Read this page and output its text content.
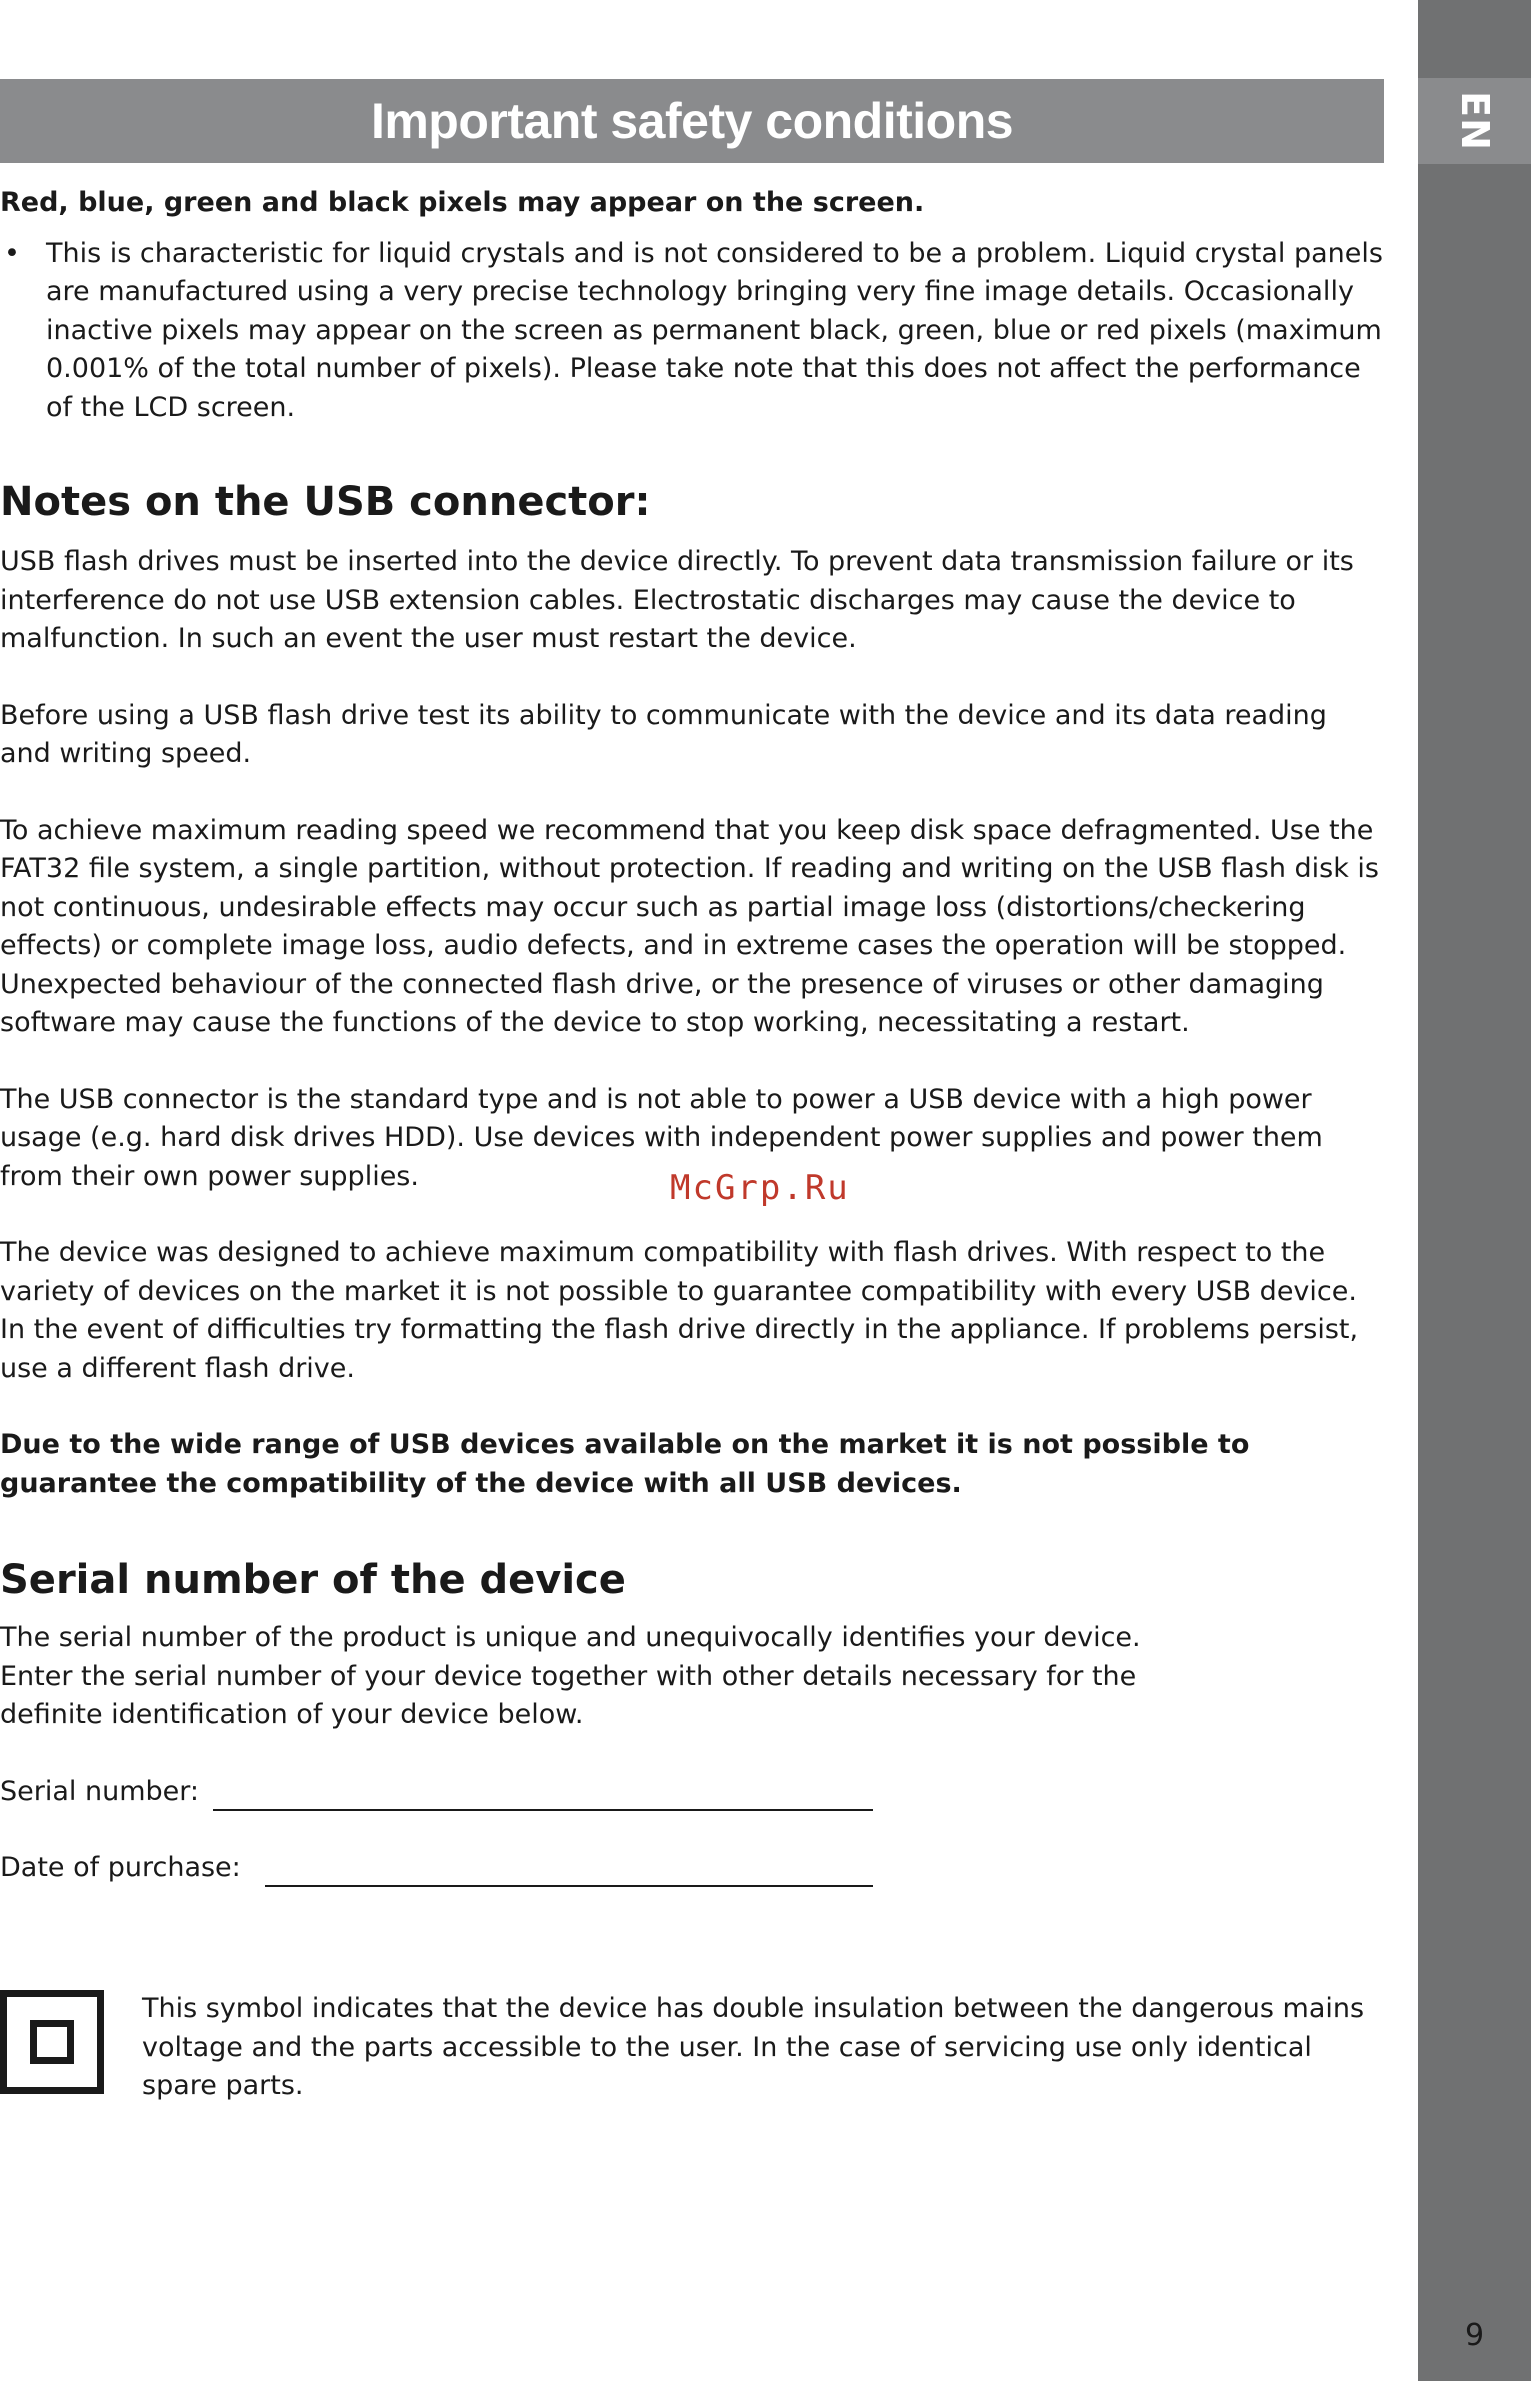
EN
9
Important safety conditions

Red, blue, green and black pixels may appear on the screen.

• This is characteristic for liquid crystals and is not considered to be a problem. Liquid crystal panels are manufactured using a very precise technology bringing very fine image details. Occasionally inactive pixels may appear on the screen as permanent black, green, blue or red pixels (maximum 0.001% of the total number of pixels). Please take note that this does not affect the performance of the LCD screen.

Notes on the USB connector:

USB flash drives must be inserted into the device directly. To prevent data transmission failure or its interference do not use USB extension cables. Electrostatic discharges may cause the device to malfunction. In such an event the user must restart the device.

Before using a USB flash drive test its ability to communicate with the device and its data reading and writing speed.

To achieve maximum reading speed we recommend that you keep disk space defragmented. Use the FAT32 file system, a single partition, without protection. If reading and writing on the USB flash disk is not continuous, undesirable effects may occur such as partial image loss (distortions/checkering effects) or complete image loss, audio defects, and in extreme cases the operation will be stopped. Unexpected behaviour of the connected flash drive, or the presence of viruses or other damaging software may cause the functions of the device to stop working, necessitating a restart.

The USB connector is the standard type and is not able to power a USB device with a high power usage (e.g. hard disk drives HDD). Use devices with independent power supplies and power them from their own power supplies.

The device was designed to achieve maximum compatibility with flash drives. With respect to the variety of devices on the market it is not possible to guarantee compatibility with every USB device. In the event of difficulties try formatting the flash drive directly in the appliance. If problems persist, use a different flash drive.

Due to the wide range of USB devices available on the market it is not possible to guarantee the compatibility of the device with all USB devices.

Serial number of the device

The serial number of the product is unique and unequivocally identifies your device.

Enter the serial number of your device together with other details necessary for the definite identification of your device below.

Serial number:
Date of purchase:

This symbol indicates that the device has double insulation between the dangerous mains voltage and the parts accessible to the user. In the case of servicing use only identical spare parts.

McGrp.Ru
